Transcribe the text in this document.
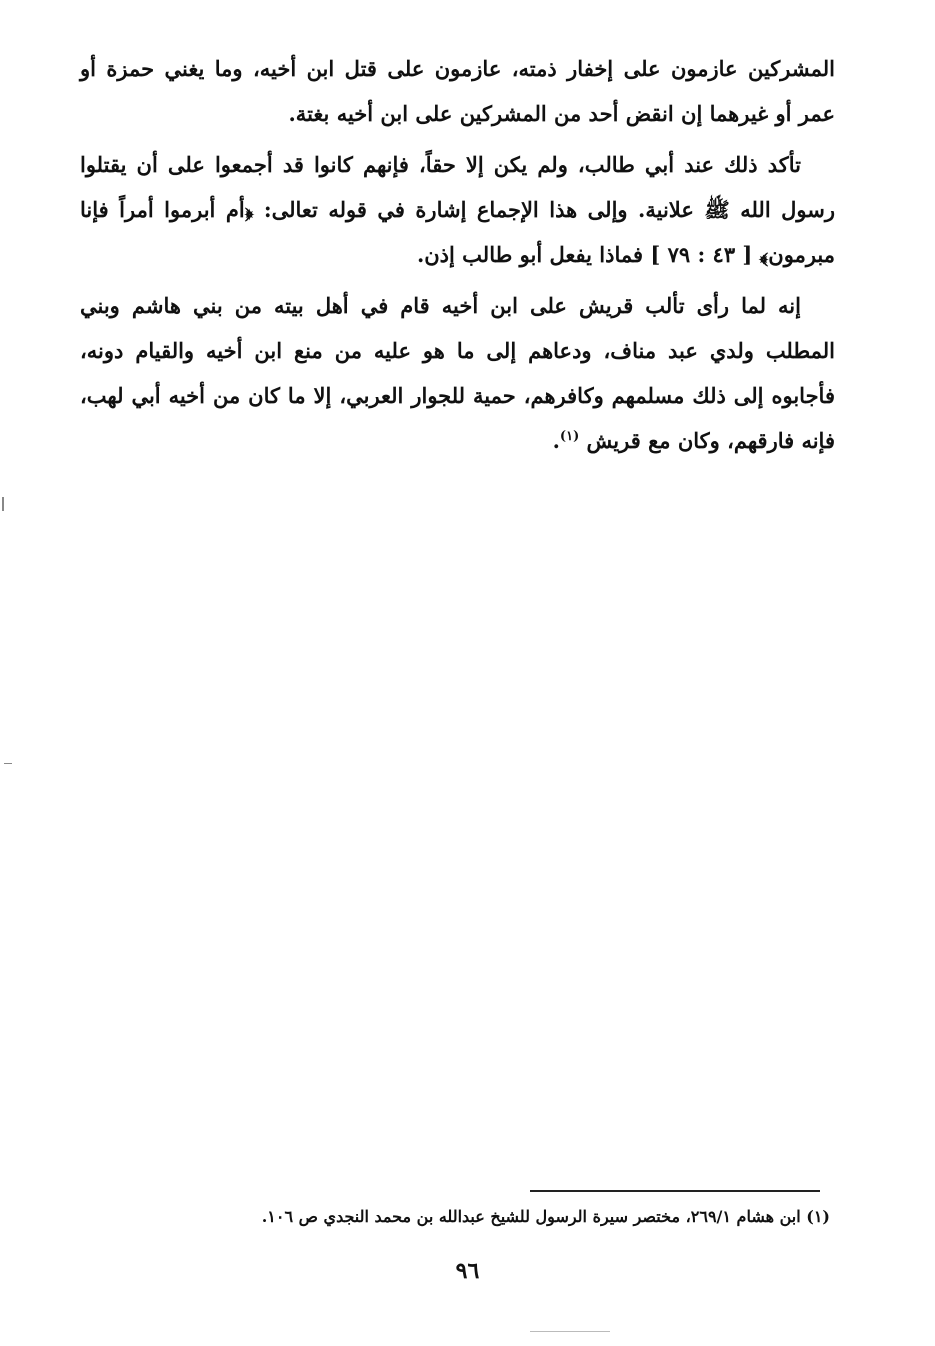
المشركين عازمون على إخفار ذمته، عازمون على قتل ابن أخيه، وما يغني حمزة أو عمر أو غيرهما إن انقض أحد من المشركين على ابن أخيه بغتة.

تأكد ذلك عند أبي طالب، ولم يكن إلا حقاً، فإنهم كانوا قد أجمعوا على أن يقتلوا رسول الله ﷺ علانية. وإلى هذا الإجماع إشارة في قوله تعالى: ﴿أم أبرموا أمراً فإنا مبرمون﴾ [ ٤٣ : ٧٩ ] فماذا يفعل أبو طالب إذن.

إنه لما رأى تألب قريش على ابن أخيه قام في أهل بيته من بني هاشم وبني المطلب ولدي عبد مناف، ودعاهم إلى ما هو عليه من منع ابن أخيه والقيام دونه، فأجابوه إلى ذلك مسلمهم وكافرهم، حمية للجوار العربي، إلا ما كان من أخيه أبي لهب، فإنه فارقهم، وكان مع قريش $^{(١)}$.

(١) ابن هشام ٢٦٩/١، مختصر سيرة الرسول للشيخ عبدالله بن محمد النجدي ص ١٠٦.

٩٦
